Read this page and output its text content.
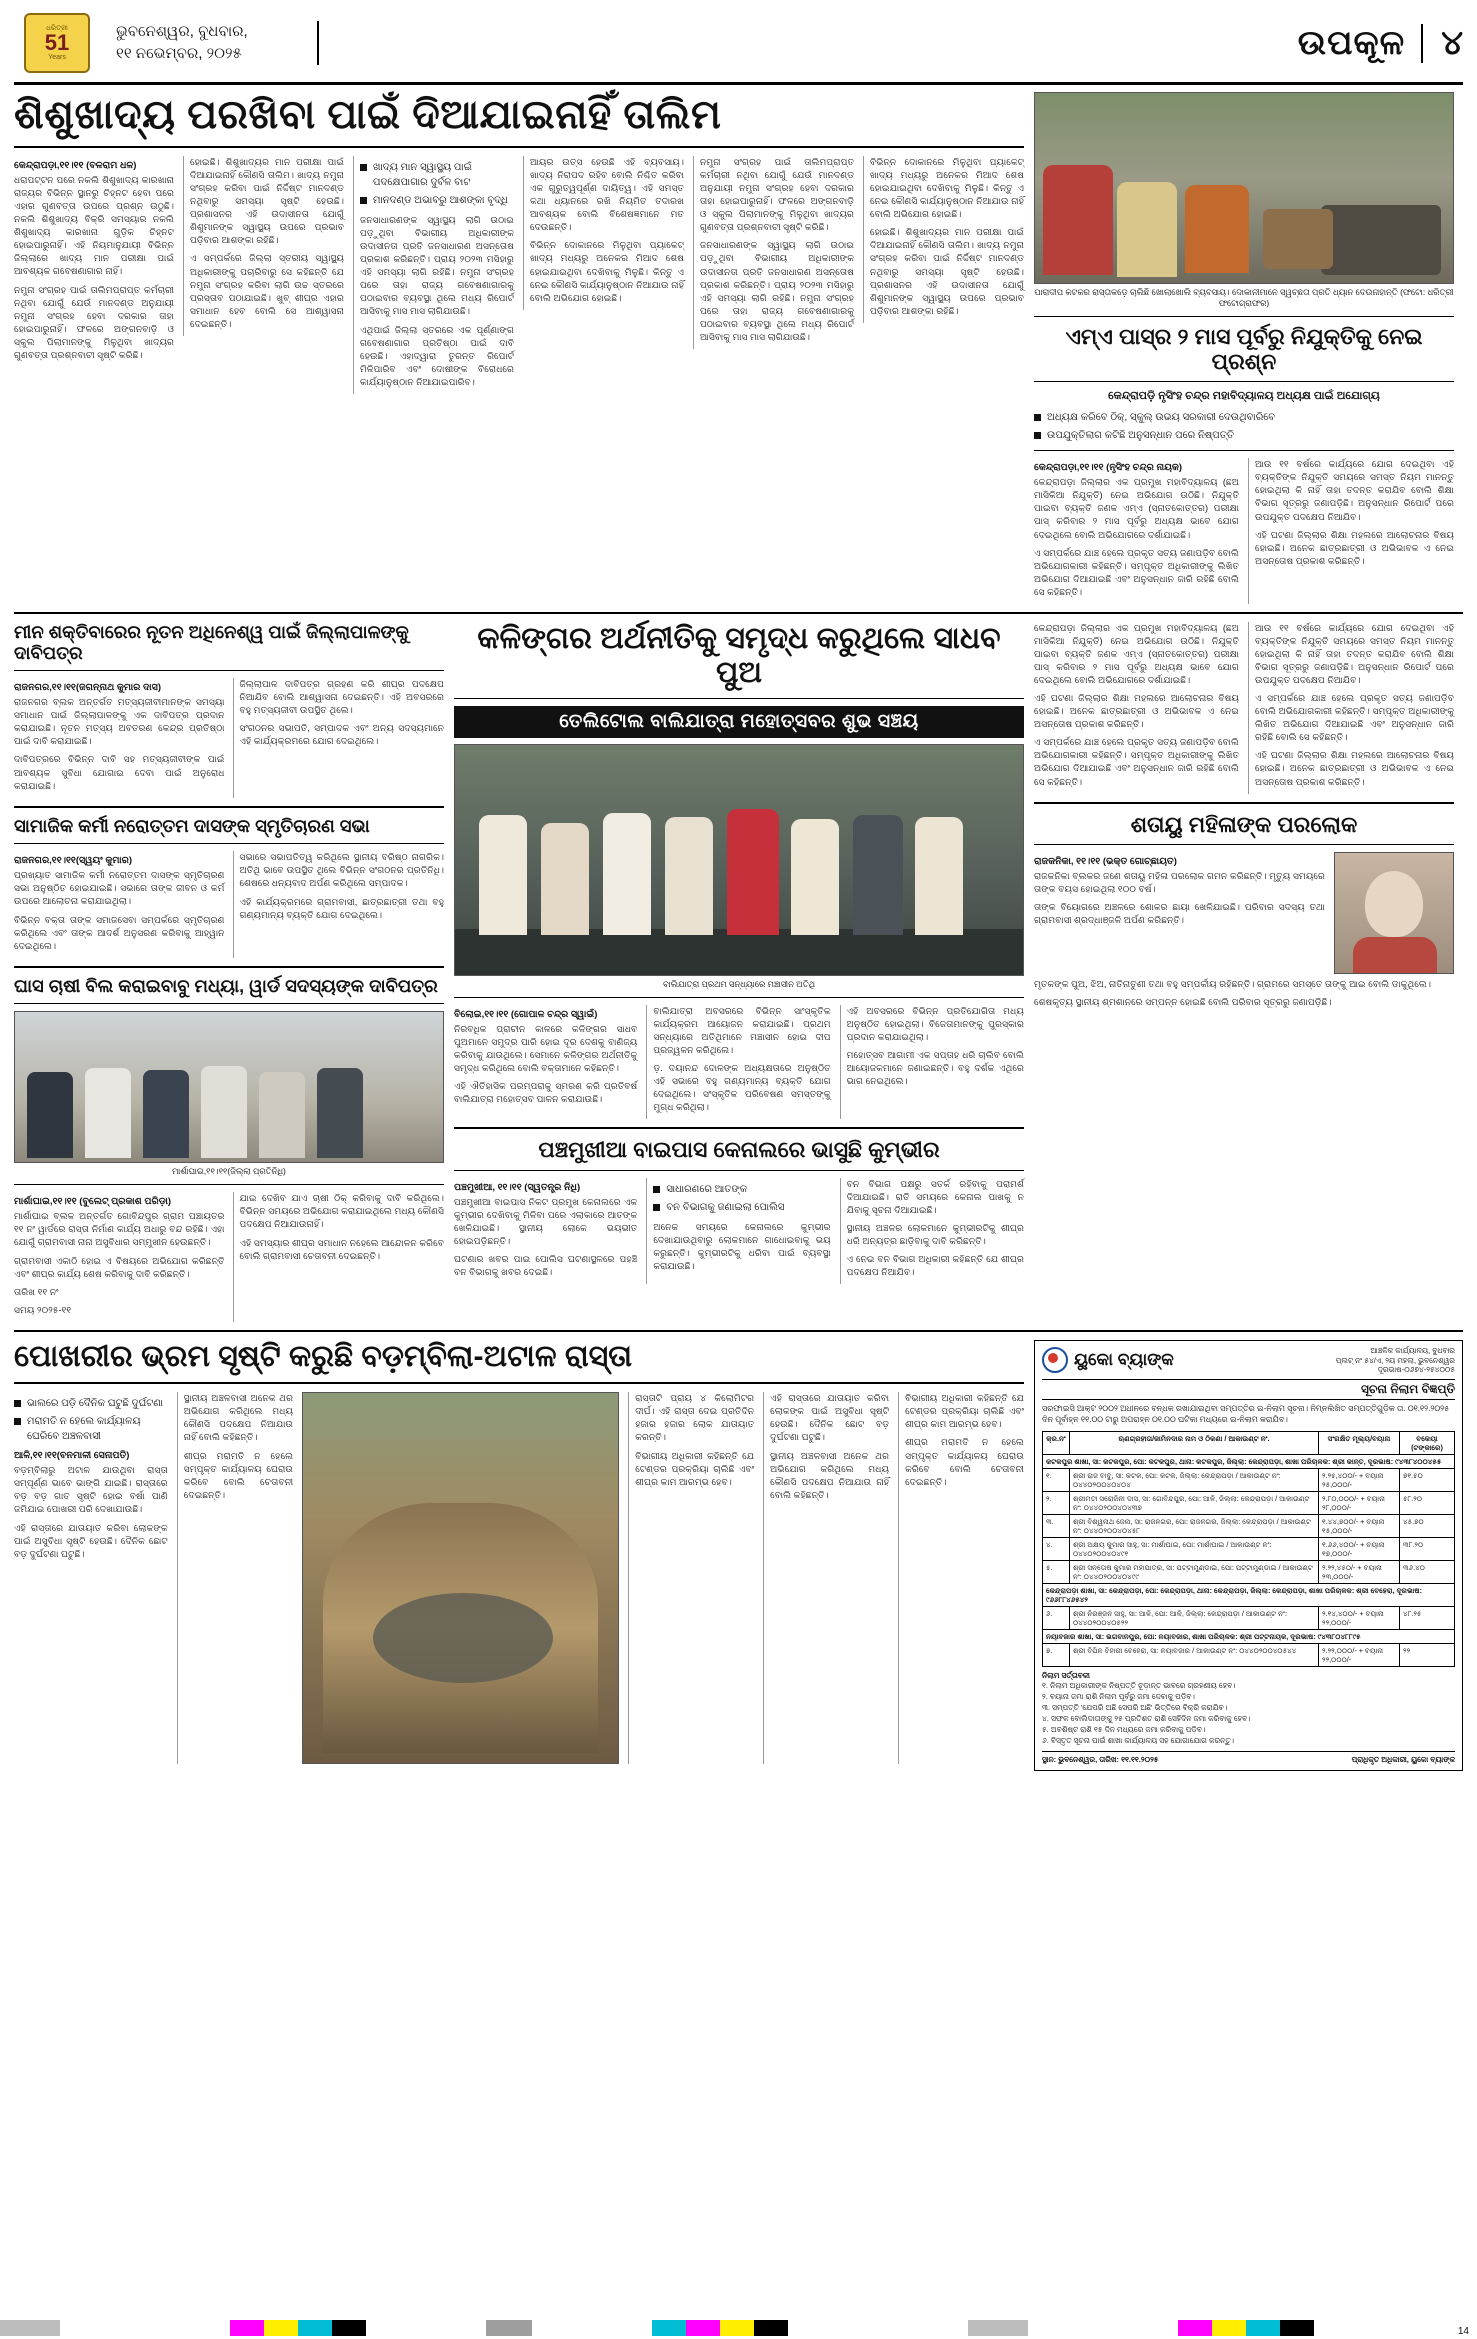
ଧରିତ୍ରୀ
51
Years
ଭୁବନେଶ୍ୱର, ବୁଧବାର,
୧୧ ନଭେମ୍ବର, ୨୦୨୫	ଉପକୂଳ	୪
ଶିଶୁଖାଦ୍ୟ ପରଖିବା ପାଇଁ ଦିଆଯାଇନାହିଁ ତାଲିମ
କେନ୍ଦ୍ରାପଡ଼ା,୧୧।୧୧ (ବଳରାମ ଧଳ)

ଧରାପଟ୍ଟନ ପରେ ନକଲି ଶିଶୁଖାଦ୍ୟ କାରଖାନା ରାଜ୍ୟର ବିଭିନ୍ନ ସ୍ଥାନରୁ ଚିହ୍ନଟ ହେବା ପରେ ଏହାର ଗୁଣବତ୍ତା ଉପରେ ପ୍ରଶ୍ନ ଉଠୁଛି। ନକଲି ଶିଶୁଖାଦ୍ୟ ବିକ୍ରି ସମସ୍ୟାର ନକଲି ଶିଶୁଖାଦ୍ୟ କାରଖାନା ଗୁଡ଼ିକ ଚିହ୍ନଟ ହୋଇପାରୁନାହିଁ। ଏହି ନିୟମାନୁଯାୟୀ ବିଭିନ୍ନ ଜିଲ୍ଲାରେ ଖାଦ୍ୟ ମାନ ପରୀକ୍ଷା ପାଇଁ ଆବଶ୍ୟକ ଗବେଷଣାଗାର ନାହିଁ।

ନମୁନା ସଂଗ୍ରହ ପାଇଁ ତାଲିମପ୍ରାପ୍ତ କର୍ମଚାରୀ ନଥିବା ଯୋଗୁଁ ଯେଉଁ ମାନଦଣ୍ଡ ଅନୁଯାୟୀ ନମୁନା ସଂଗ୍ରହ ହେବା ଦରକାର ତାହା ହୋଇପାରୁନାହିଁ। ଫଳରେ ଅଙ୍ଗନବାଡ଼ି ଓ ସ୍କୁଲ ପିଲାମାନଙ୍କୁ ମିଳୁଥିବା ଖାଦ୍ୟର ଗୁଣବତ୍ତା ପ୍ରଶ୍ନବାଚୀ ସୃଷ୍ଟି କରିଛି।

ହୋଇଛି। ଶିଶୁଖାଦ୍ୟର ମାନ ପରୀକ୍ଷା ପାଇଁ ଦିଆଯାଇନାହିଁ କୌଣସି ତାଲିମ। ଖାଦ୍ୟ ନମୁନା ସଂଗ୍ରହ କରିବା ପାଇଁ ନିର୍ଦ୍ଦିଷ୍ଟ ମାନଦଣ୍ଡ ନଥିବାରୁ ସମସ୍ୟା ସୃଷ୍ଟି ହେଉଛି। ପ୍ରଶାସନର ଏହି ଉଦାସୀନତା ଯୋଗୁଁ ଶିଶୁମାନଙ୍କ ସ୍ୱାସ୍ଥ୍ୟ ଉପରେ ପ୍ରଭାବ ପଡ଼ିବାର ଆଶଙ୍କା ରହିଛି।

ଏ ସମ୍ପର୍କରେ ଜିଲ୍ଲା ସ୍ତରୀୟ ସ୍ୱାସ୍ଥ୍ୟ ଅଧିକାରୀଙ୍କୁ ପଚାରିବାରୁ ସେ କହିଛନ୍ତି ଯେ ନମୁନା ସଂଗ୍ରହ କରିବା ଲାଗି ଉଚ୍ଚ ସ୍ତରରେ ପ୍ରସ୍ତାବ ପଠାଯାଇଛି। ଖୁବ୍ ଶୀଘ୍ର ଏହାର ସମାଧାନ ହେବ ବୋଲି ସେ ଆଶ୍ୱାସନା ଦେଇଛନ୍ତି।

ଖାଦ୍ୟ ମାନ ସ୍ୱାସ୍ଥ୍ୟ ପାଇଁ ପଦକ୍ଷେପାଗାର ଦୁର୍ବଳ ବାଟ
ମାନଦଣ୍ଡ ଅଭାବରୁ ଆଶଙ୍କା ବୃଦ୍ଧି

ଜନସାଧାରଣଙ୍କ ସ୍ୱାସ୍ଥ୍ୟ ଲାଗି ଉଠାଇ ପଡ଼ୁଥିବା ବିଭାଗୀୟ ଅଧିକାରୀଙ୍କ ଉଦାସୀନତା ପ୍ରତି ଜନସାଧାରଣ ଅସନ୍ତୋଷ ପ୍ରକାଶ କରିଛନ୍ତି। ପ୍ରାୟ ୨୦୨୩ ମସିହାରୁ ଏହି ସମସ୍ୟା ଲାଗି ରହିଛି। ନମୁନା ସଂଗ୍ରହ ପରେ ତାହା ରାଜ୍ୟ ଗବେଷଣାଗାରକୁ ପଠାଇବାର ବ୍ୟବସ୍ଥା ଥିଲେ ମଧ୍ୟ ରିପୋର୍ଟ ଆସିବାକୁ ମାସ ମାସ ଲାଗିଯାଉଛି।

ଏଥିପାଇଁ ଜିଲ୍ଲା ସ୍ତରରେ ଏକ ପୂର୍ଣ୍ଣାଙ୍ଗ ଗବେଷଣାଗାର ପ୍ରତିଷ୍ଠା ପାଇଁ ଦାବି ହେଉଛି। ଏହାଦ୍ୱାରା ତୁରନ୍ତ ରିପୋର୍ଟ ମିଳିପାରିବ ଏବଂ ଦୋଷୀଙ୍କ ବିରୋଧରେ କାର୍ଯ୍ୟାନୁଷ୍ଠାନ ନିଆଯାଇପାରିବ।

ଆୟର ଉତ୍ସ ହେଉଛି ଏହି ବ୍ୟବସାୟ। ଖାଦ୍ୟ ନିରାପଦ ରହିବ ବୋଲି ନିଶ୍ଚିତ କରିବା ଏକ ଗୁରୁତ୍ୱପୂର୍ଣ୍ଣ ଦାୟିତ୍ୱ। ଏହି ସମସ୍ତ କଥା ଧ୍ୟାନରେ ରଖି ନିୟମିତ ତଦାରଖ ଆବଶ୍ୟକ ବୋଲି ବିଶେଷଜ୍ଞମାନେ ମତ ଦେଉଛନ୍ତି।

ବିଭିନ୍ନ ଦୋକାନରେ ମିଳୁଥିବା ପ୍ୟାକେଟ୍ ଖାଦ୍ୟ ମଧ୍ୟରୁ ଅନେକର ମିଆଦ ଶେଷ ହୋଇଯାଇଥିବା ଦେଖିବାକୁ ମିଳୁଛି। କିନ୍ତୁ ଏ ନେଇ କୌଣସି କାର୍ଯ୍ୟାନୁଷ୍ଠାନ ନିଆଯାଉ ନାହିଁ ବୋଲି ଅଭିଯୋଗ ହୋଇଛି।

ନମୁନା ସଂଗ୍ରହ ପାଇଁ ତାଲିମପ୍ରାପ୍ତ କର୍ମଚାରୀ ନଥିବା ଯୋଗୁଁ ଯେଉଁ ମାନଦଣ୍ଡ ଅନୁଯାୟୀ ନମୁନା ସଂଗ୍ରହ ହେବା ଦରକାର ତାହା ହୋଇପାରୁନାହିଁ। ଫଳରେ ଅଙ୍ଗନବାଡ଼ି ଓ ସ୍କୁଲ ପିଲାମାନଙ୍କୁ ମିଳୁଥିବା ଖାଦ୍ୟର ଗୁଣବତ୍ତା ପ୍ରଶ୍ନବାଚୀ ସୃଷ୍ଟି କରିଛି।

ଜନସାଧାରଣଙ୍କ ସ୍ୱାସ୍ଥ୍ୟ ଲାଗି ଉଠାଇ ପଡ଼ୁଥିବା ବିଭାଗୀୟ ଅଧିକାରୀଙ୍କ ଉଦାସୀନତା ପ୍ରତି ଜନସାଧାରଣ ଅସନ୍ତୋଷ ପ୍ରକାଶ କରିଛନ୍ତି। ପ୍ରାୟ ୨୦୨୩ ମସିହାରୁ ଏହି ସମସ୍ୟା ଲାଗି ରହିଛି। ନମୁନା ସଂଗ୍ରହ ପରେ ତାହା ରାଜ୍ୟ ଗବେଷଣାଗାରକୁ ପଠାଇବାର ବ୍ୟବସ୍ଥା ଥିଲେ ମଧ୍ୟ ରିପୋର୍ଟ ଆସିବାକୁ ମାସ ମାସ ଲାଗିଯାଉଛି।

ବିଭିନ୍ନ ଦୋକାନରେ ମିଳୁଥିବା ପ୍ୟାକେଟ୍ ଖାଦ୍ୟ ମଧ୍ୟରୁ ଅନେକର ମିଆଦ ଶେଷ ହୋଇଯାଇଥିବା ଦେଖିବାକୁ ମିଳୁଛି। କିନ୍ତୁ ଏ ନେଇ କୌଣସି କାର୍ଯ୍ୟାନୁଷ୍ଠାନ ନିଆଯାଉ ନାହିଁ ବୋଲି ଅଭିଯୋଗ ହୋଇଛି।

ହୋଇଛି। ଶିଶୁଖାଦ୍ୟର ମାନ ପରୀକ୍ଷା ପାଇଁ ଦିଆଯାଇନାହିଁ କୌଣସି ତାଲିମ। ଖାଦ୍ୟ ନମୁନା ସଂଗ୍ରହ କରିବା ପାଇଁ ନିର୍ଦ୍ଦିଷ୍ଟ ମାନଦଣ୍ଡ ନଥିବାରୁ ସମସ୍ୟା ସୃଷ୍ଟି ହେଉଛି। ପ୍ରଶାସନର ଏହି ଉଦାସୀନତା ଯୋଗୁଁ ଶିଶୁମାନଙ୍କ ସ୍ୱାସ୍ଥ୍ୟ ଉପରେ ପ୍ରଭାବ ପଡ଼ିବାର ଆଶଙ୍କା ରହିଛି।

ପାରାଦୀପ କଟକର ରାସ୍ତାକଡ଼େ ଚାଲିଛି ଖୋଲାଖୋଲି ବ୍ୟବସାୟ। ଦୋକାନୀମାନେ ସ୍ୱଚ୍ଛତା ପ୍ରତି ଧ୍ୟାନ ଦେଉନାହାନ୍ତି (ଫଟୋ: ଧରିତ୍ରୀ ଫଟୋଗ୍ରାଫର)
ଏମ୍ଏ ପାସ୍ର ୨ ମାସ ପୂର୍ବରୁ ନିଯୁକ୍ତିକୁ ନେଇ ପ୍ରଶ୍ନ
କେନ୍ଦ୍ରାପଡ଼ି ନୃସିଂହ ଚନ୍ଦ୍ର ମହାବିଦ୍ୟାଳୟ ଅଧ୍ୟକ୍ଷ ପାଇଁ ଅଯୋଗ୍ୟ
ଅଧ୍ୟକ୍ଷ କରିବେ ଠିକ୍, ସ୍କୁଲ୍ ଉଭୟ ସରକାରୀ ଦେଉଥିବାରିବେ
ଉପଯୁକ୍ତିଲାଗ କଟିଛି ଅନୁସନ୍ଧାନ ପରେ ନିଷ୍ପତ୍ତି
କେନ୍ଦ୍ରାପଡ଼ା,୧୧।୧୧ (ନୃସିଂହ ଚନ୍ଦ୍ର ନାୟକ)

କେନ୍ଦ୍ରାପଡ଼ା ଜିଲ୍ଲାର ଏକ ପ୍ରମୁଖ ମହାବିଦ୍ୟାଳୟ (ଛଅ ମାସିକିଆ ନିଯୁକ୍ତି) ନେଇ ଅଭିଯୋଗ ଉଠିଛି। ନିଯୁକ୍ତି ପାଇବା ବ୍ୟକ୍ତି ଜଣକ ଏମ୍ଏ (ସ୍ନାତକୋତ୍ତର) ପରୀକ୍ଷା ପାସ୍ କରିବାର ୨ ମାସ ପୂର୍ବରୁ ଅଧ୍ୟକ୍ଷ ଭାବେ ଯୋଗ ଦେଇଥିଲେ ବୋଲି ଅଭିଯୋଗରେ ଦର୍ଶାଯାଇଛି।

ଏ ସମ୍ପର୍କରେ ଯାଞ୍ଚ ହେଲେ ପ୍ରକୃତ ସତ୍ୟ ଜଣାପଡ଼ିବ ବୋଲି ଅଭିଯୋଗକାରୀ କହିଛନ୍ତି। ସମ୍ପୃକ୍ତ ଅଧିକାରୀଙ୍କୁ ଲିଖିତ ଅଭିଯୋଗ ଦିଆଯାଇଛି ଏବଂ ଅନୁସନ୍ଧାନ ଜାରି ରହିଛି ବୋଲି ସେ କହିଛନ୍ତି।

ଆଉ ୧୧ ବର୍ଷରେ କାର୍ଯ୍ୟରେ ଯୋଗ ଦେଇଥିବା ଏହି ବ୍ୟକ୍ତିଙ୍କ ନିଯୁକ୍ତି ସମୟରେ ସମସ୍ତ ନିୟମ ମାନନ୍ତୁ ହୋଇଥିଲା କି ନାହିଁ ତାହା ତଦନ୍ତ କରାଯିବ ବୋଲି ଶିକ୍ଷା ବିଭାଗ ସୂତ୍ରରୁ ଜଣାପଡ଼ିଛି। ଅନୁସନ୍ଧାନ ରିପୋର୍ଟ ପରେ ଉପଯୁକ୍ତ ପଦକ୍ଷେପ ନିଆଯିବ।

ଏହି ଘଟଣା ଜିଲ୍ଲାର ଶିକ୍ଷା ମହଲରେ ଆଲୋଚନାର ବିଷୟ ହୋଇଛି। ଅନେକ ଛାତ୍ରଛାତ୍ରୀ ଓ ଅଭିଭାବକ ଏ ନେଇ ଅସନ୍ତୋଷ ପ୍ରକାଶ କରିଛନ୍ତି।

ମୀନ ଶକ୍ତିବାରେର ନୂତନ ଅଧିନେଶ୍ୱ ପାଇଁ ଜିଲ୍ଲାପାଳଙ୍କୁ ଦାବିପତ୍ର
ରାଜନଗର,୧୧।୧୧(ଜଗନ୍ନାଥ କୁମାର ଦାସ)

ରାଜନଗର ବ୍ଲକ ଅନ୍ତର୍ଗତ ମତ୍ସ୍ୟଜୀବୀମାନଙ୍କ ସମସ୍ୟା ସମାଧାନ ପାଇଁ ଜିଲ୍ଲାପାଳଙ୍କୁ ଏକ ଦାବିପତ୍ର ପ୍ରଦାନ କରାଯାଇଛି। ନୂତନ ମତ୍ସ୍ୟ ଅବତରଣ କେନ୍ଦ୍ର ପ୍ରତିଷ୍ଠା ପାଇଁ ଦାବି କରାଯାଇଛି।

ଦାବିପତ୍ରରେ ବିଭିନ୍ନ ଦାବି ସହ ମତ୍ସ୍ୟଜୀବୀଙ୍କ ପାଇଁ ଆବଶ୍ୟକ ସୁବିଧା ଯୋଗାଇ ଦେବା ପାଇଁ ଅନୁରୋଧ କରାଯାଇଛି।

ଜିଲ୍ଲାପାଳ ଦାବିପତ୍ର ଗ୍ରହଣ କରି ଶୀଘ୍ର ପଦକ୍ଷେପ ନିଆଯିବ ବୋଲି ଆଶ୍ୱାସନା ଦେଇଛନ୍ତି। ଏହି ଅବସରରେ ବହୁ ମତ୍ସ୍ୟଜୀବୀ ଉପସ୍ଥିତ ଥିଲେ।

ସଂଗଠନର ସଭାପତି, ସମ୍ପାଦକ ଏବଂ ଅନ୍ୟ ସଦସ୍ୟମାନେ ଏହି କାର୍ଯ୍ୟକ୍ରମରେ ଯୋଗ ଦେଇଥିଲେ।

ସାମାଜିକ କର୍ମୀ ନରୋତ୍ତମ ଦାସଙ୍କ ସ୍ମୃତିଚାରଣ ସଭା
ରାଜନଗର,୧୧।୧୧(ସ୍ୱୟଂ କୁମାର)

ପ୍ରଖ୍ୟାତ ସାମାଜିକ କର୍ମୀ ନରୋତ୍ତମ ଦାସଙ୍କ ସ୍ମୃତିଚାରଣ ସଭା ଅନୁଷ୍ଠିତ ହୋଇଯାଇଛି। ସଭାରେ ତାଙ୍କ ଜୀବନ ଓ କର୍ମ ଉପରେ ଆଲୋଚନା କରାଯାଇଥିଲା।

ବିଭିନ୍ନ ବକ୍ତା ତାଙ୍କ ସମାଜସେବା ସମ୍ପର୍କରେ ସ୍ମୃତିଚାରଣ କରିଥିଲେ ଏବଂ ତାଙ୍କ ଆଦର୍ଶ ଅନୁସରଣ କରିବାକୁ ଆହ୍ୱାନ ଦେଇଥିଲେ।

ସଭାରେ ସଭାପତିତ୍ୱ କରିଥିଲେ ସ୍ଥାନୀୟ ବରିଷ୍ଠ ନାଗରିକ। ଅତିଥି ଭାବେ ଉପସ୍ଥିତ ଥିଲେ ବିଭିନ୍ନ ସଂଗଠନର ପ୍ରତିନିଧି। ଶେଷରେ ଧନ୍ୟବାଦ ଅର୍ପଣ କରିଥିଲେ ସମ୍ପାଦକ।

ଏହି କାର୍ଯ୍ୟକ୍ରମରେ ଗ୍ରାମବାସୀ, ଛାତ୍ରଛାତ୍ରୀ ତଥା ବହୁ ଗଣ୍ୟମାନ୍ୟ ବ୍ୟକ୍ତି ଯୋଗ ଦେଇଥିଲେ।

ଘାସ ଚାଷୀ ବିଲ କରାଇବାବୁ ମଧ୍ୟା, ୱାର୍ଡ ସଦସ୍ୟଙ୍କ ଦାବିପତ୍ର
ମାର୍ଶାଘାଇ,୧୧।୧୧(ଜିଲ୍ଲା ପ୍ରତିନିଧି)
ମାର୍ଶାଘାଇ,୧୧।୧୧ (ବୁଲେଟ୍ ପ୍ରକାଶ ପରିଡ଼ା)

ମାର୍ଶାଘାଇ ବ୍ଲକ ଅନ୍ତର୍ଗତ ଗୋବିନ୍ଦପୁର ଗ୍ରାମ ପଞ୍ଚାୟତର ୧୧ ନଂ ୱାର୍ଡରେ ରାସ୍ତା ନିର୍ମାଣ କାର୍ଯ୍ୟ ଅଧାରୁ ବନ୍ଦ ରହିଛି। ଏହା ଯୋଗୁଁ ଗ୍ରାମବାସୀ ନାନା ଅସୁବିଧାର ସମ୍ମୁଖୀନ ହେଉଛନ୍ତି।

ଗ୍ରାମବାସୀ ଏକାଠି ହୋଇ ଏ ବିଷୟରେ ଅଭିଯୋଗ କରିଛନ୍ତି ଏବଂ ଶୀଘ୍ର କାର୍ଯ୍ୟ ଶେଷ କରିବାକୁ ଦାବି କରିଛନ୍ତି।

ତାରିଖ ୧୧ ନଂ

ସମୟ ୨୦୨୫-୧୧

ଯାଇ ଦେଖିବ ଯାଏ ଚାଷୀ ଠିକ୍ କରିବାକୁ ଦାବି କରିଥିଲେ। ବିଭିନ୍ନ ସମୟରେ ଅଭିଯୋଗ କରାଯାଇଥିଲେ ମଧ୍ୟ କୌଣସି ପଦକ୍ଷେପ ନିଆଯାଉନାହିଁ।

ଏହି ସମସ୍ୟାର ଶୀଘ୍ର ସମାଧାନ ନହେଲେ ଆନ୍ଦୋଳନ କରିବେ ବୋଲି ଗ୍ରାମବାସୀ ଚେତାବନୀ ଦେଇଛନ୍ତି।

କଳିଙ୍ଗର ଅର୍ଥନୀତିକୁ ସମୃଦ୍ଧ କରୁଥିଲେ ସାଧବ ପୁଅ
ତେଲିଟୋଲ ବାଲିଯାତ୍ରା ମହୋତ୍ସବର ଶୁଭ ସଞ୍ଚୟ
ବାଲିଯାତ୍ରା ପ୍ରଥମ ସନ୍ଧ୍ୟାରେ ମଞ୍ଚାସୀନ ଅତିଥି
ବିଲୋଇ,୧୧।୧୧ (ଗୋପାଳ ଚନ୍ଦ୍ର ସ୍ୱାଇଁ)

ନିରବଧିକ ପ୍ରାଚୀନ କାଳରେ କଳିଙ୍ଗର ସାଧବ ପୁଅମାନେ ସମୁଦ୍ର ପାରି ହୋଇ ଦୂର ଦେଶକୁ ବାଣିଜ୍ୟ କରିବାକୁ ଯାଉଥିଲେ। ସେମାନେ କଳିଙ୍ଗର ଅର୍ଥନୀତିକୁ ସମୃଦ୍ଧ କରିଥିଲେ ବୋଲି ବକ୍ତାମାନେ କହିଛନ୍ତି।

ଏହି ଐତିହାସିକ ପରମ୍ପରାକୁ ସ୍ମରଣ କରି ପ୍ରତିବର୍ଷ ବାଲିଯାତ୍ରା ମହୋତ୍ସବ ପାଳନ କରାଯାଉଛି।

ବାଲିଯାତ୍ରା ଅବସରରେ ବିଭିନ୍ନ ସାଂସ୍କୃତିକ କାର୍ଯ୍ୟକ୍ରମ ଆୟୋଜନ କରାଯାଇଛି। ପ୍ରଥମ ସନ୍ଧ୍ୟାରେ ଅତିଥିମାନେ ମଞ୍ଚାସୀନ ହୋଇ ଦୀପ ପ୍ରଜ୍ୱଳନ କରିଥିଲେ।

ଡ଼. ଦୟାନନ୍ଦ ଦୋଳଙ୍କ ଅଧ୍ୟକ୍ଷତାରେ ଅନୁଷ୍ଠିତ ଏହି ସଭାରେ ବହୁ ଗଣ୍ୟମାନ୍ୟ ବ୍ୟକ୍ତି ଯୋଗ ଦେଇଥିଲେ। ସଂସ୍କୃତିକ ପରିବେଷଣ ସମସ୍ତଙ୍କୁ ମୁଗ୍ଧ କରିଥିଲା।

ଏହି ଅବସରରେ ବିଭିନ୍ନ ପ୍ରତିଯୋଗିତା ମଧ୍ୟ ଅନୁଷ୍ଠିତ ହୋଇଥିଲା। ବିଜେତାମାନଙ୍କୁ ପୁରସ୍କାର ପ୍ରଦାନ କରାଯାଇଥିଲା।

ମହୋତ୍ସବ ଆଗାମୀ ଏକ ସପ୍ତାହ ଧରି ଚାଲିବ ବୋଲି ଆୟୋଜକମାନେ ଜଣାଇଛନ୍ତି। ବହୁ ଦର୍ଶକ ଏଥିରେ ଭାଗ ନେଇଥିଲେ।

ପଞ୍ଚମୁଖୀଆ ବାଇପାସ କେନାଲରେ ଭାସୁଛି କୁମ୍ଭୀର
ପଞ୍ଚମୁଖୀଆ, ୧୧।୧୧ (ସ୍ୱତନ୍ତ୍ର ନିଧି)

ପଞ୍ଚମୁଖୀଆ ବାଇପାସ ନିକଟ ପ୍ରମୁଖ କେନାଲରେ ଏକ କୁମ୍ଭୀର ଦେଖିବାକୁ ମିଳିବା ପରେ ଏଲାକାରେ ଆତଙ୍କ ଖେଳିଯାଇଛି। ସ୍ଥାନୀୟ ଲୋକେ ଭୟଭୀତ ହୋଇପଡ଼ିଛନ୍ତି।

ଘଟଣାର ଖବର ପାଇ ପୋଲିସ ଘଟଣାସ୍ଥଳରେ ପହଞ୍ଚି ବନ ବିଭାଗକୁ ଖବର ଦେଇଛି।

ସାଧାରଣରେ ଆତଙ୍କ
ବନ ବିଭାଗକୁ ଜଣାଇଲା ପୋଲିସ

ଅନେକ ସମୟରେ କେନାଲରେ କୁମ୍ଭୀର ଦେଖାଯାଉଥିବାରୁ ଲୋକମାନେ ଗାଧୋଇବାକୁ ଭୟ କରୁଛନ୍ତି। କୁମ୍ଭୀରଟିକୁ ଧରିବା ପାଇଁ ବ୍ୟବସ୍ଥା କରାଯାଉଛି।

ବନ ବିଭାଗ ପକ୍ଷରୁ ସତର୍କ ରହିବାକୁ ପରାମର୍ଶ ଦିଆଯାଇଛି। ରାତି ସମୟରେ କେନାଲ ପାଖକୁ ନ ଯିବାକୁ ସୂଚନା ଦିଆଯାଇଛି।

ସ୍ଥାନୀୟ ଅଞ୍ଚଳର ଲୋକମାନେ କୁମ୍ଭୀରଟିକୁ ଶୀଘ୍ର ଧରି ଅନ୍ୟତ୍ର ଛାଡ଼ିବାକୁ ଦାବି କରିଛନ୍ତି।

ଏ ନେଇ ବନ ବିଭାଗ ଅଧିକାରୀ କହିଛନ୍ତି ଯେ ଶୀଘ୍ର ପଦକ୍ଷେପ ନିଆଯିବ।

କେନ୍ଦ୍ରାପଡ଼ା ଜିଲ୍ଲାର ଏକ ପ୍ରମୁଖ ମହାବିଦ୍ୟାଳୟ (ଛଅ ମାସିକିଆ ନିଯୁକ୍ତି) ନେଇ ଅଭିଯୋଗ ଉଠିଛି। ନିଯୁକ୍ତି ପାଇବା ବ୍ୟକ୍ତି ଜଣକ ଏମ୍ଏ (ସ୍ନାତକୋତ୍ତର) ପରୀକ୍ଷା ପାସ୍ କରିବାର ୨ ମାସ ପୂର୍ବରୁ ଅଧ୍ୟକ୍ଷ ଭାବେ ଯୋଗ ଦେଇଥିଲେ ବୋଲି ଅଭିଯୋଗରେ ଦର୍ଶାଯାଇଛି।

ଏହି ଘଟଣା ଜିଲ୍ଲାର ଶିକ୍ଷା ମହଲରେ ଆଲୋଚନାର ବିଷୟ ହୋଇଛି। ଅନେକ ଛାତ୍ରଛାତ୍ରୀ ଓ ଅଭିଭାବକ ଏ ନେଇ ଅସନ୍ତୋଷ ପ୍ରକାଶ କରିଛନ୍ତି।

ଏ ସମ୍ପର୍କରେ ଯାଞ୍ଚ ହେଲେ ପ୍ରକୃତ ସତ୍ୟ ଜଣାପଡ଼ିବ ବୋଲି ଅଭିଯୋଗକାରୀ କହିଛନ୍ତି। ସମ୍ପୃକ୍ତ ଅଧିକାରୀଙ୍କୁ ଲିଖିତ ଅଭିଯୋଗ ଦିଆଯାଇଛି ଏବଂ ଅନୁସନ୍ଧାନ ଜାରି ରହିଛି ବୋଲି ସେ କହିଛନ୍ତି।

ଆଉ ୧୧ ବର୍ଷରେ କାର୍ଯ୍ୟରେ ଯୋଗ ଦେଇଥିବା ଏହି ବ୍ୟକ୍ତିଙ୍କ ନିଯୁକ୍ତି ସମୟରେ ସମସ୍ତ ନିୟମ ମାନନ୍ତୁ ହୋଇଥିଲା କି ନାହିଁ ତାହା ତଦନ୍ତ କରାଯିବ ବୋଲି ଶିକ୍ଷା ବିଭାଗ ସୂତ୍ରରୁ ଜଣାପଡ଼ିଛି। ଅନୁସନ୍ଧାନ ରିପୋର୍ଟ ପରେ ଉପଯୁକ୍ତ ପଦକ୍ଷେପ ନିଆଯିବ।

ଏ ସମ୍ପର୍କରେ ଯାଞ୍ଚ ହେଲେ ପ୍ରକୃତ ସତ୍ୟ ଜଣାପଡ଼ିବ ବୋଲି ଅଭିଯୋଗକାରୀ କହିଛନ୍ତି। ସମ୍ପୃକ୍ତ ଅଧିକାରୀଙ୍କୁ ଲିଖିତ ଅଭିଯୋଗ ଦିଆଯାଇଛି ଏବଂ ଅନୁସନ୍ଧାନ ଜାରି ରହିଛି ବୋଲି ସେ କହିଛନ୍ତି।

ଏହି ଘଟଣା ଜିଲ୍ଲାର ଶିକ୍ଷା ମହଲରେ ଆଲୋଚନାର ବିଷୟ ହୋଇଛି। ଅନେକ ଛାତ୍ରଛାତ୍ରୀ ଓ ଅଭିଭାବକ ଏ ନେଇ ଅସନ୍ତୋଷ ପ୍ରକାଶ କରିଛନ୍ତି।

ଶତାୟୁ ମହିଳାଙ୍କ ପରଲୋକ
ରାଜକନିକା, ୧୧।୧୧ (ଭକ୍ତ ଗୋଚ୍ଛାୟତ)

ରାଜକନିକା ବ୍ଲକର ଜଣେ ଶତାୟୁ ମହିଳା ପରଲୋକ ଗମନ କରିଛନ୍ତି। ମୃତ୍ୟୁ ସମୟରେ ତାଙ୍କ ବୟସ ହୋଇଥିଲା ୧୦୦ ବର୍ଷ।

ତାଙ୍କ ବିୟୋଗରେ ଅଞ୍ଚଳରେ ଶୋକର ଛାୟା ଖେଳିଯାଇଛି। ପରିବାର ସଦସ୍ୟ ତଥା ଗ୍ରାମବାସୀ ଶ୍ରଦ୍ଧାଞ୍ଜଳି ଅର୍ପଣ କରିଛନ୍ତି।

ମୃତକଙ୍କ ପୁଅ, ଝିଅ, ନାତିନାତୁଣୀ ତଥା ବହୁ ସମ୍ପର୍କୀୟ ରହିଛନ୍ତି। ଗ୍ରାମରେ ସମସ୍ତେ ତାଙ୍କୁ ଆଇ ବୋଲି ଡାକୁଥିଲେ।

ଶେଷକୃତ୍ୟ ସ୍ଥାନୀୟ ଶ୍ମଶାନରେ ସମ୍ପନ୍ନ ହୋଇଛି ବୋଲି ପରିବାର ସୂତ୍ରରୁ ଜଣାପଡ଼ିଛି।

ପୋଖରୀର ଭ୍ରମ ସୃଷ୍ଟି କରୁଛି ବଡ଼ମ୍ବିଲା-ଅଟାଳ ରାସ୍ତା
ଭାଲରେ ପଡ଼ି ଦୈନିକ ଘଟୁଛି ଦୁର୍ଘଟଣା
ମରାମତି ନ ହେଲେ କାର୍ଯ୍ୟାଳୟ ଘେରିବେ ଅଞ୍ଚଳବାସୀ
ଆଳି,୧୧।୧୧(ବନମାଳୀ ସେନାପତି)

ବଡ଼ମ୍ବିଲାରୁ ଅଟାଳ ଯାଉଥିବା ରାସ୍ତା ସମ୍ପୂର୍ଣ୍ଣ ଭାବେ ଭାଙ୍ଗି ଯାଇଛି। ରାସ୍ତାରେ ବଡ଼ ବଡ଼ ଗାତ ସୃଷ୍ଟି ହୋଇ ବର୍ଷା ପାଣି ଜମିଯାଇ ପୋଖରୀ ପରି ଦେଖାଯାଉଛି।

ଏହି ରାସ୍ତାରେ ଯାତାୟାତ କରିବା ଲୋକଙ୍କ ପାଇଁ ଅସୁବିଧା ସୃଷ୍ଟି ହେଉଛି। ଦୈନିକ ଛୋଟ ବଡ଼ ଦୁର୍ଘଟଣା ଘଟୁଛି।

ସ୍ଥାନୀୟ ଅଞ୍ଚଳବାସୀ ଅନେକ ଥର ଅଭିଯୋଗ କରିଥିଲେ ମଧ୍ୟ କୌଣସି ପଦକ୍ଷେପ ନିଆଯାଉ ନାହିଁ ବୋଲି କହିଛନ୍ତି।

ଶୀଘ୍ର ମରାମତି ନ ହେଲେ ସମ୍ପୃକ୍ତ କାର୍ଯ୍ୟାଳୟ ଘେରାଉ କରିବେ ବୋଲି ଚେତାବନୀ ଦେଇଛନ୍ତି।

ରାସ୍ତାଟି ପ୍ରାୟ ୪ କିଲୋମିଟର ଦୀର୍ଘ। ଏହି ରାସ୍ତା ଦେଇ ପ୍ରତିଦିନ ହଜାର ହଜାର ଲୋକ ଯାତାୟାତ କରନ୍ତି।

ବିଭାଗୀୟ ଅଧିକାରୀ କହିଛନ୍ତି ଯେ ଟେଣ୍ଡର ପ୍ରକ୍ରିୟା ଚାଲିଛି ଏବଂ ଶୀଘ୍ର କାମ ଆରମ୍ଭ ହେବ।

ଏହି ରାସ୍ତାରେ ଯାତାୟାତ କରିବା ଲୋକଙ୍କ ପାଇଁ ଅସୁବିଧା ସୃଷ୍ଟି ହେଉଛି। ଦୈନିକ ଛୋଟ ବଡ଼ ଦୁର୍ଘଟଣା ଘଟୁଛି।

ସ୍ଥାନୀୟ ଅଞ୍ଚଳବାସୀ ଅନେକ ଥର ଅଭିଯୋଗ କରିଥିଲେ ମଧ୍ୟ କୌଣସି ପଦକ୍ଷେପ ନିଆଯାଉ ନାହିଁ ବୋଲି କହିଛନ୍ତି।

ବିଭାଗୀୟ ଅଧିକାରୀ କହିଛନ୍ତି ଯେ ଟେଣ୍ଡର ପ୍ରକ୍ରିୟା ଚାଲିଛି ଏବଂ ଶୀଘ୍ର କାମ ଆରମ୍ଭ ହେବ।

ଶୀଘ୍ର ମରାମତି ନ ହେଲେ ସମ୍ପୃକ୍ତ କାର୍ଯ୍ୟାଳୟ ଘେରାଉ କରିବେ ବୋଲି ଚେତାବନୀ ଦେଇଛନ୍ତି।

ୟୁକୋ ବ୍ୟାଙ୍କ
ଆଞ୍ଚଳିକ କାର୍ଯ୍ୟାଳୟ, ବୁଧବାର
ପ୍ଲଟ୍ ନଂ ୫୪/ଏ, ୨ୟ ମହଲା, ଭୁବନେଶ୍ୱର
ଦୂରଭାଷ-୦୬୭୪-୨୫୪୦୦୫
ସୂଚନା ନିଲାମ ବିଜ୍ଞପ୍ତି
ସରଫାଇସି ଆକ୍ଟ ୨୦୦୨ ଅଧୀନରେ ବନ୍ଧକ ରଖାଯାଇଥିବା ସମ୍ପତ୍ତିର ଇ-ନିଲାମ ସୂଚନା। ନିମ୍ନଲିଖିତ ସମ୍ପତ୍ତିଗୁଡ଼ିକ ତା. ୦୧.୧୨.୨୦୨୫ ଦିନ ପୂର୍ବାହ୍ନ ୧୧.୦୦ ଟାରୁ ଅପରାହ୍ନ ୦୧.୦୦ ଘଟିକା ମଧ୍ୟରେ ଇ-ନିଲାମ କରାଯିବ।
କ୍ର.ନଂ	ଋଣଗ୍ରହୀତା/ଜାମିନଦାର ନାମ ଓ ଠିକଣା / ଆକାଉଣ୍ଟ ନଂ.	ସଂରକ୍ଷିତ ମୂଲ୍ୟ/ବୟାନା	ବକେୟା (ଟଙ୍କାରେ)
କଟକପୁର ଶାଖା, ସା: କଟକପୁର, ପୋ: କଟକପୁର, ଥାନା: କଟକପୁର, ଜିଲ୍ଲା: କେନ୍ଦ୍ରାପଡ଼ା, ଶାଖା ପରିଚାଳକ: ଶ୍ରୀ କାନ୍ତ, ଦୂରଭାଷ: ୯୪୩୮୪୦୦୪୫୫			
୧.	ଶ୍ରୀ ରାଜ ବାବୁ, ସା: କଟକ, ପୋ: କଟକ, ଜିଲ୍ଲା: କେନ୍ଦ୍ରାପଡ଼ା / ଆକାଉଣ୍ଟ ନଂ: ୦୪୪୦୨୦୦୪୦୪୦୪	୨.୨୫,୪୦୦/- + ବୟାନା ୨୫,୦୦୦/-	୭୧.୫୦
୨.	ଶ୍ରୀମତୀ ସରୋଜିନୀ ଦାସ, ସା: ଗୋବିନ୍ଦପୁର, ପୋ: ଆଳି, ଜିଲ୍ଲା: କେନ୍ଦ୍ରାପଡ଼ା / ଆକାଉଣ୍ଟ ନଂ: ୦୪୪୦୨୦୦୪୦୪୩୭	୨.୮୦,୦୦୦/- + ବୟାନା ୨୮,୦୦୦/-	୫୮.୨୦
୩.	ଶ୍ରୀ ବିଶ୍ୱନାଥ ଜେନା, ସା: ରାଜନଗର, ପୋ: ରାଜନଗର, ଜିଲ୍ଲା: କେନ୍ଦ୍ରାପଡ଼ା / ଆକାଉଣ୍ଟ ନଂ: ୦୪୪୦୨୦୦୪୦୪୫୮	୧.୪୪,୭୦୦/- + ବୟାନା ୧୫,୦୦୦/-	୪୫.୭୦
୪.	ଶ୍ରୀ ଅକ୍ଷୟ କୁମାର ସାହୁ, ସା: ମାର୍ଶାଘାଇ, ପୋ: ମାର୍ଶାଘାଇ / ଆକାଉଣ୍ଟ ନଂ: ୦୪୪୦୨୦୦୪୦୪୯୧	୧.୬୬,୪୦୦/- + ବୟାନା ୧୭,୦୦୦/-	୩୮.୨୦
୫.	ଶ୍ରୀ ସନ୍ତୋଷ କୁମାର ମହାପାତ୍ର, ସା: ପଟ୍ଟାମୁଣ୍ଡାଇ, ପୋ: ପଟ୍ଟାମୁଣ୍ଡାଇ / ଆକାଉଣ୍ଟ ନଂ: ୦୪୪୦୨୦୦୪୦୪୯୯	୨.୨୨,୪୫୦/- + ବୟାନା ୨୩,୦୦୦/-	୩୬.୪୦
କେନ୍ଦ୍ରାପଡ଼ା ଶାଖା, ସା: କେନ୍ଦ୍ରାପଡ଼ା, ପୋ: କେନ୍ଦ୍ରାପଡ଼ା, ଥାନା: କେନ୍ଦ୍ରାପଡ଼ା, ଜିଲ୍ଲା: କେନ୍ଦ୍ରାପଡ଼ା, ଶାଖା ପରିଚାଳକ: ଶ୍ରୀ ବେହେରା, ଦୂରଭାଷ: ୯୬୬୮୮୪୬୫୪୨			
୬.	ଶ୍ରୀ ନିରଞ୍ଜନ ସାହୁ, ସା: ଆଳି, ପୋ: ଆଳି, ଜିଲ୍ଲା: କେନ୍ଦ୍ରାପଡ଼ା / ଆକାଉଣ୍ଟ ନଂ: ୦୪୪୦୨୦୦୪୦୫୨୨	୨.୧୪,୪୦୦/- + ବୟାନା ୨୨,୦୦୦/-	୪୮.୨୫
ନୟାବଜାର ଶାଖା, ସା: ଭଗବାନପୁର, ପୋ: ନୟାବଜାର, ଶାଖା ପରିଚାଳକ: ଶ୍ରୀ ପଟ୍ଟନାୟକ, ଦୂରଭାଷ: ୯୪୩୮୦୪୮୮୯୫			
୭.	ଶ୍ରୀ ବିପିନ ବିହାରୀ ବେହେରା, ସା: ନୟାବଜାର / ଆକାଉଣ୍ଟ ନଂ: ୦୪୪୦୨୦୦୪୦୫୪୪	୨.୨୨,୦୦୦/- + ବୟାନା ୨୨,୦୦୦/-	୨୨
ନିଲାମ ସର୍ତ୍ତାବଳୀ
୧. ନିଲାମ ଅଧିକାରୀଙ୍କ ନିଷ୍ପତ୍ତି ଚୂଡ଼ାନ୍ତ ଭାବରେ ଗ୍ରହଣୀୟ ହେବ।
୨. ବୟାନା ଜମା ରାଶି ନିଲାମ ପୂର୍ବରୁ ଜମା ଦେବାକୁ ପଡ଼ିବ।
୩. ସମ୍ପତ୍ତି 'ଯେପରି ଅଛି ସେପରି ଅଛି' ଭିତ୍ତିରେ ବିକ୍ରି କରାଯିବ।
୪. ସଫଳ ବୋଲିଦାତାଙ୍କୁ ୨୫ ପ୍ରତିଶତ ରାଶି ସେହିଦିନ ଜମା କରିବାକୁ ହେବ।
୫. ଅବଶିଷ୍ଟ ରାଶି ୧୫ ଦିନ ମଧ୍ୟରେ ଜମା କରିବାକୁ ପଡ଼ିବ।
୬. ବିସ୍ତୃତ ସୂଚନା ପାଇଁ ଶାଖା କାର୍ଯ୍ୟାଳୟ ସହ ଯୋଗାଯୋଗ କରନ୍ତୁ।
ସ୍ଥାନ: ଭୁବନେଶ୍ୱର, ତାରିଖ: ୧୧.୧୧.୨୦୨୫	ପ୍ରାଧିକୃତ ଅଧିକାରୀ, ୟୁକୋ ବ୍ୟାଙ୍କ
14
